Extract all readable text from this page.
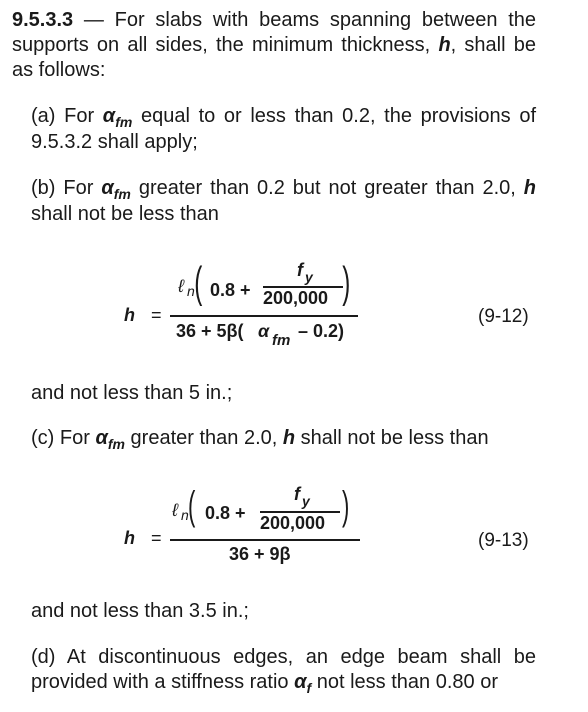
9.5.3.3 — For slabs with beams spanning between the supports on all sides, the minimum thickness, h, shall be as follows:
(a) For $\alpha_{fm}$ equal to or less than 0.2, the provisions of 9.5.3.2 shall apply;
(b) For $\alpha_{fm}$ greater than 0.2 but not greater than 2.0, h shall not be less than
h =
ℓ n ( 0.8 +
f y
200,000 )
36 + 5β( α fm – 0.2)
(9-12)
and not less than 5 in.;
(c) For $\alpha_{fm}$ greater than 2.0, h shall not be less than
h =
ℓ n ( 0.8 +
f y
200,000 )
36 + 9β
(9-13)
and not less than 3.5 in.;
(d) At discontinuous edges, an edge beam shall be provided with a stiffness ratio $\alpha_f$ not less than 0.80 or
